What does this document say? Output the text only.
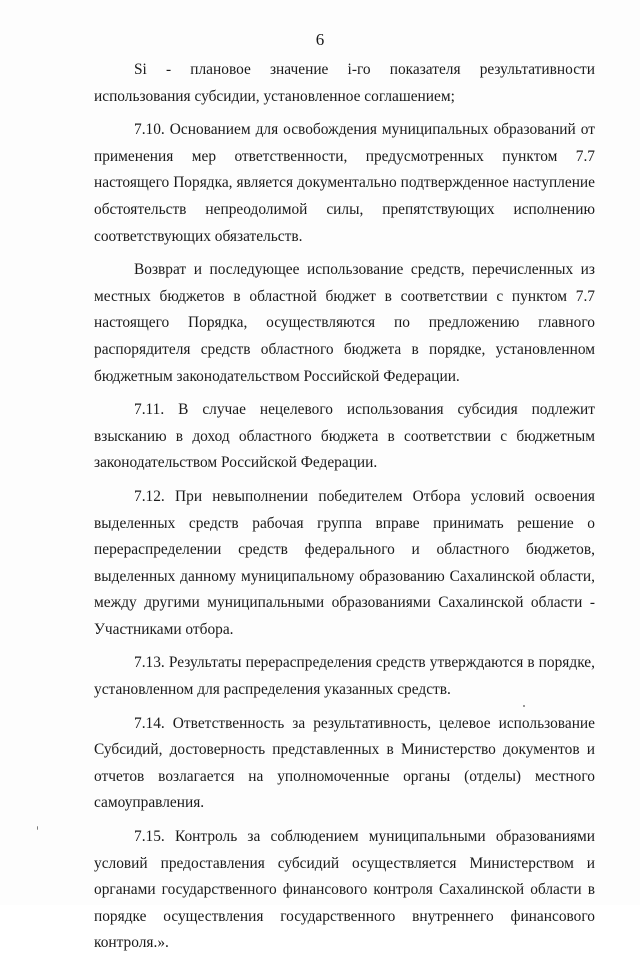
6

Si - плановое значение i-го показателя результативности использования субсидии, установленное соглашением;

7.10. Основанием для освобождения муниципальных образований от применения мер ответственности, предусмотренных пунктом 7.7 настоящего Порядка, является документально подтвержденное наступление обстоятельств непреодолимой силы, препятствующих исполнению соответствующих обязательств.

Возврат и последующее использование средств, перечисленных из местных бюджетов в областной бюджет в соответствии с пунктом 7.7 настоящего Порядка, осуществляются по предложению главного распорядителя средств областного бюджета в порядке, установленном бюджетным законодательством Российской Федерации.

7.11. В случае нецелевого использования субсидия подлежит взысканию в доход областного бюджета в соответствии с бюджетным законодательством Российской Федерации.

7.12. При невыполнении победителем Отбора условий освоения выделенных средств рабочая группа вправе принимать решение о перераспределении средств федерального и областного бюджетов, выделенных данному муниципальному образованию Сахалинской области, между другими муниципальными образованиями Сахалинской области - Участниками отбора.

7.13. Результаты перераспределения средств утверждаются в порядке, установленном для распределения указанных средств.

7.14. Ответственность за результативность, целевое использование Субсидий, достоверность представленных в Министерство документов и отчетов возлагается на уполномоченные органы (отделы) местного самоуправления.

7.15. Контроль за соблюдением муниципальными образованиями условий предоставления субсидий осуществляется Министерством и органами государственного финансового контроля Сахалинской области в порядке осуществления государственного внутреннего финансового контроля.».
